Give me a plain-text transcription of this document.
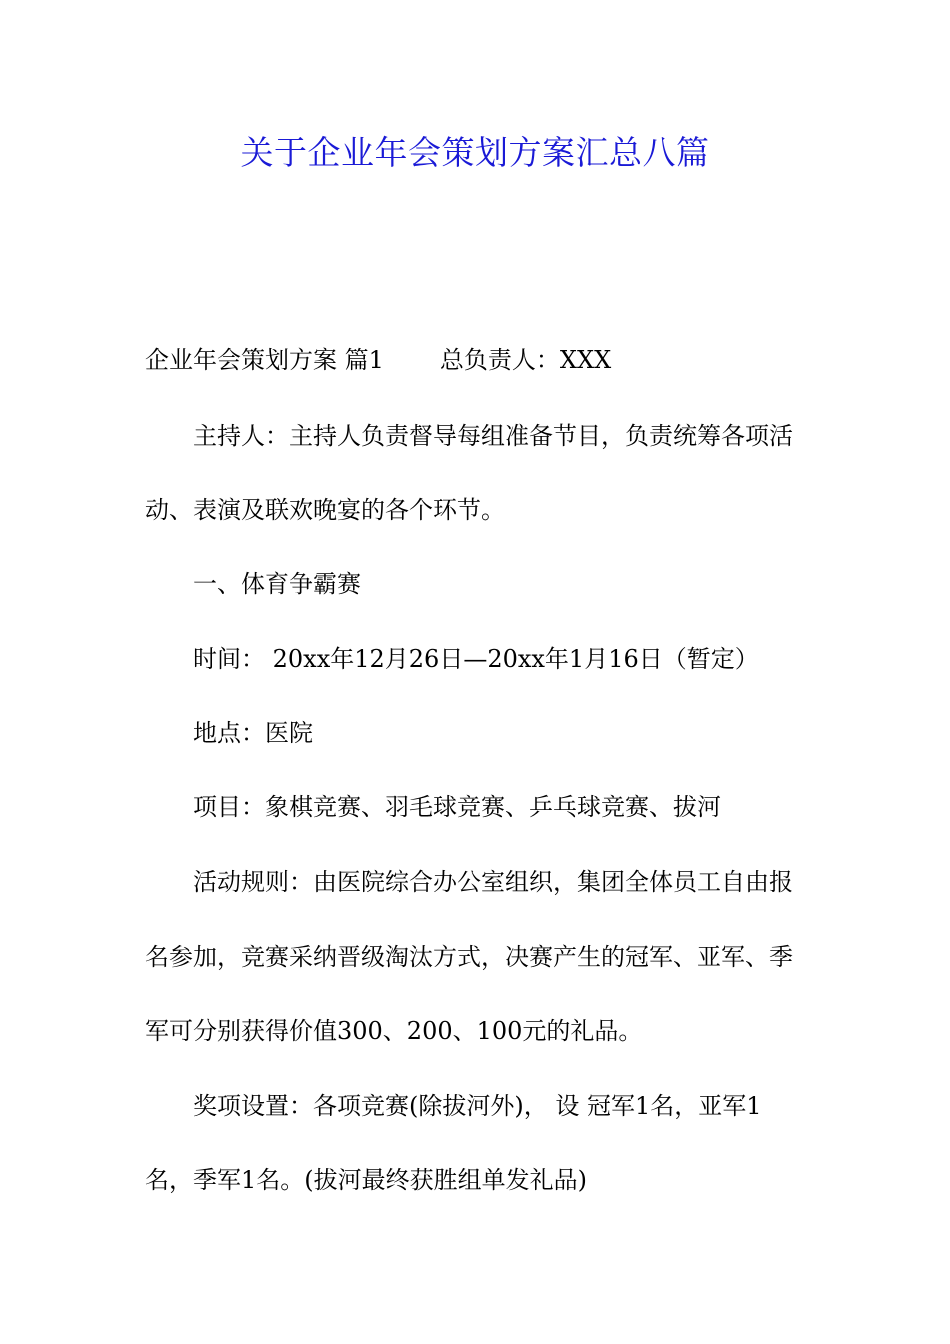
关于企业年会策划方案汇总八篇
企业年会策划方案 篇1 总负责人：XXX
主持人：主持人负责督导每组准备节目，负责统筹各项活
动、表演及联欢晚宴的各个环节。
一、体育争霸赛
时间： 20xx年12月26日—20xx年1月16日（暂定）
地点：医院
项目：象棋竞赛、羽毛球竞赛、乒乓球竞赛、拔河
活动规则：由医院综合办公室组织，集团全体员工自由报
名参加，竞赛采纳晋级淘汰方式，决赛产生的冠军、亚军、季
军可分别获得价值300、200、100元的礼品。
奖项设置：各项竞赛(除拔河外)， 设 冠军1名，亚军1
名，季军1名。(拔河最终获胜组单发礼品)
